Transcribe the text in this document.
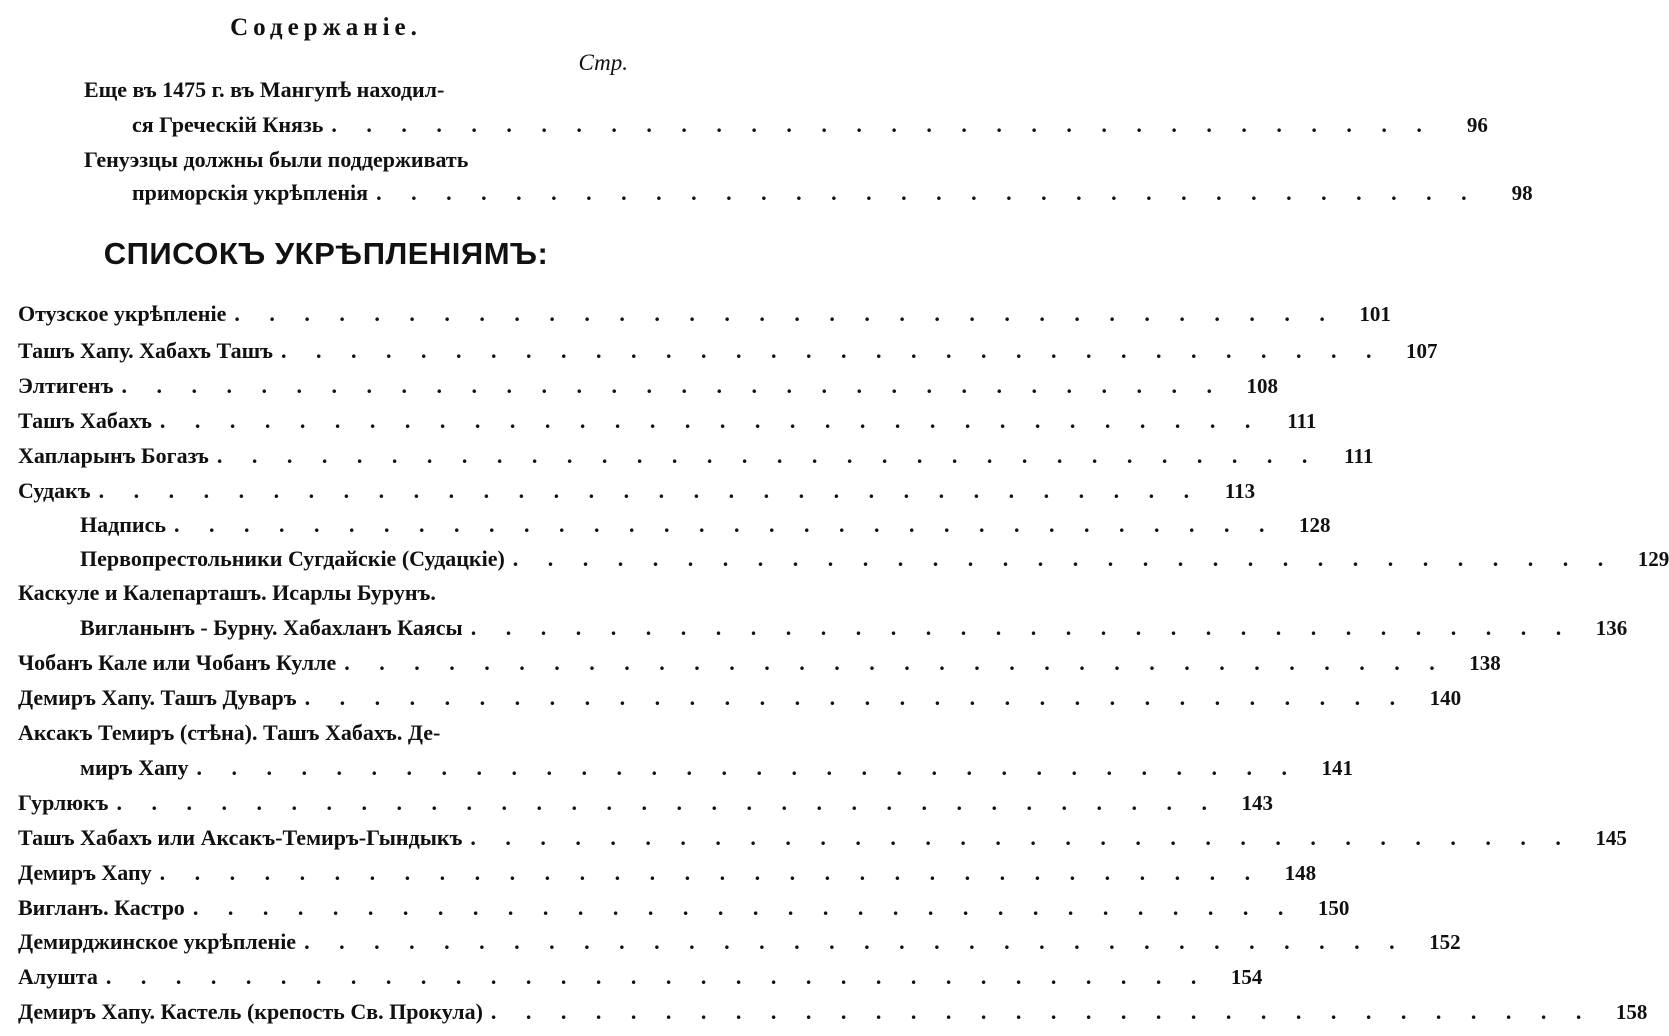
Содержаніе.
Стр.
Еще въ 1475 г. въ Мангупѣ находил-
ся Греческій Князь . . . . . . . . . . . . . . . . . . . . . . . . . . . . . . . .	96
Генуэзцы должны были поддерживать
приморскія укрѣпленія . . . . . . . . . . . . . . . . . . . . . . . . . . . . . . . .	98
СПИСОКЪ УКРѢПЛЕНІЯМЪ:
Отузское укрѣпленіе . . . . . . . . . . . . . . . . . . . . . . . . . . . . . . . .	101
Ташъ Хапу. Хабахъ Ташъ . . . . . . . . . . . . . . . . . . . . . . . . . . . . . . . .	107
Элтигенъ . . . . . . . . . . . . . . . . . . . . . . . . . . . . . . . .	108
Ташъ Хабахъ . . . . . . . . . . . . . . . . . . . . . . . . . . . . . . . .	111
Хапларынъ Богазъ . . . . . . . . . . . . . . . . . . . . . . . . . . . . . . . .	111
Судакъ . . . . . . . . . . . . . . . . . . . . . . . . . . . . . . . .	113
Надпись . . . . . . . . . . . . . . . . . . . . . . . . . . . . . . . .	128
Первопрестольники Сугдайскіе (Судацкіе) . . . . . . . . . . . . . . . . . . . . . . . . . . . . . . . .	129
Каскуле и Калепарташъ. Исарлы Бурунъ.
Вигланынъ - Бурну. Хабахланъ Каясы . . . . . . . . . . . . . . . . . . . . . . . . . . . . . . . .	136
Чобанъ Кале или Чобанъ Кулле . . . . . . . . . . . . . . . . . . . . . . . . . . . . . . . .	138
Демиръ Хапу. Ташъ Дуваръ . . . . . . . . . . . . . . . . . . . . . . . . . . . . . . . .	140
Аксакъ Темиръ (стѣна). Ташъ Хабахъ. Де-
миръ Хапу . . . . . . . . . . . . . . . . . . . . . . . . . . . . . . . .	141
Гурлюкъ . . . . . . . . . . . . . . . . . . . . . . . . . . . . . . . .	143
Ташъ Хабахъ или Аксакъ-Темиръ-Гындыкъ . . . . . . . . . . . . . . . . . . . . . . . . . . . . . . . .	145
Демиръ Хапу . . . . . . . . . . . . . . . . . . . . . . . . . . . . . . . .	148
Вигланъ. Кастро . . . . . . . . . . . . . . . . . . . . . . . . . . . . . . . .	150
Демирджинское укрѣпленіе . . . . . . . . . . . . . . . . . . . . . . . . . . . . . . . .	152
Алушта . . . . . . . . . . . . . . . . . . . . . . . . . . . . . . . .	154
Демиръ Хапу. Кастель (крепость Св. Прокула) . . . . . . . . . . . . . . . . . . . . . . . . . . . . . . . .	158
